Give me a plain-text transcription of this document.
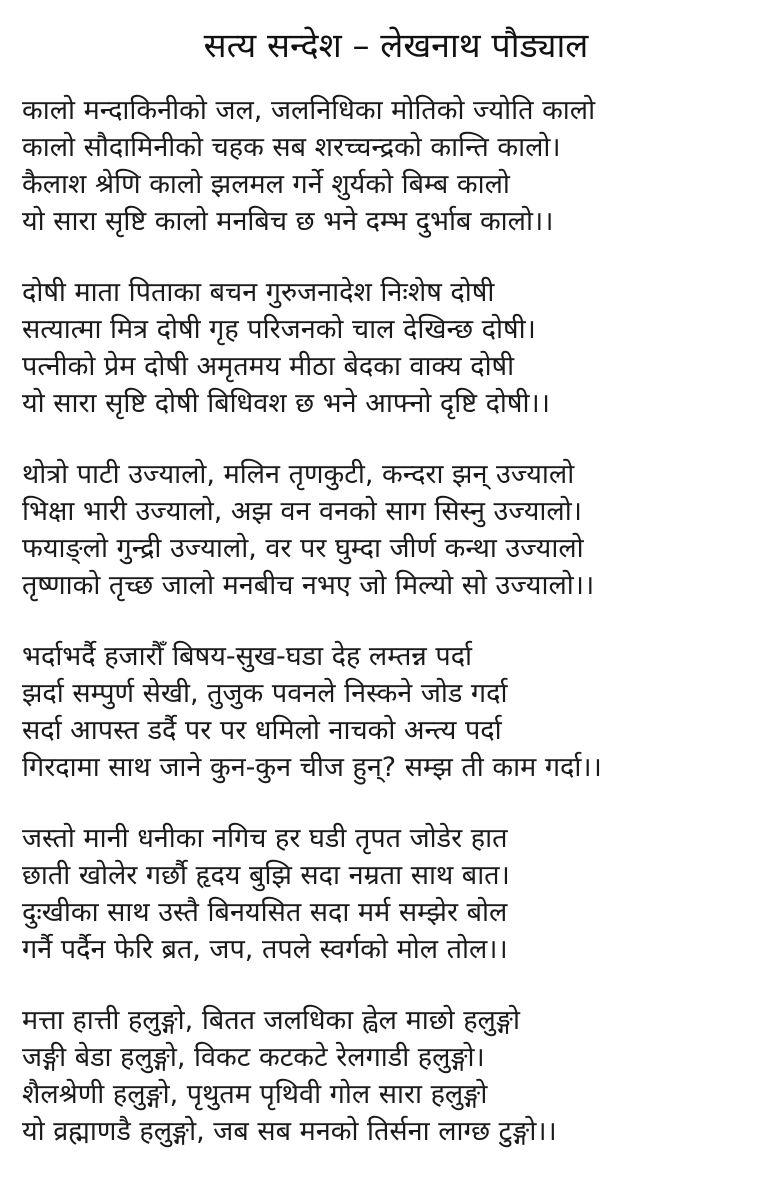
सत्य सन्देश – लेखनाथ पौड्याल
कालो मन्दाकिनीको जल, जलनिधिका मोतिको ज्योति कालो
कालो सौदामिनीको चहक सब शरच्चन्द्रको कान्ति कालो।
कैलाश श्रेणि कालो झलमल गर्ने शुर्यको बिम्ब कालो
यो सारा सृष्टि कालो मनबिच छ भने दम्भ दुर्भाब कालो।।
दोषी माता पिताका बचन गुरुजनादेश निःशेष दोषी
सत्यात्मा मित्र दोषी गृह परिजनको चाल देखिन्छ दोषी।
पत्नीको प्रेम दोषी अमृतमय मीठा बेदका वाक्य दोषी
यो सारा सृष्टि दोषी बिधिवश छ भने आफ्नो दृष्टि दोषी।।
थोत्रो पाटी उज्यालो, मलिन तृणकुटी, कन्दरा झन् उज्यालो
भिक्षा भारी उज्यालो, अझ वन वनको साग सिस्नु उज्यालो।
फयाङ्लो गुन्द्री उज्यालो, वर पर घुम्दा जीर्ण कन्था उज्यालो
तृष्णाको तृच्छ जालो मनबीच नभए जो मिल्यो सो उज्यालो।।
भर्दाभर्दै हजारौँ बिषय-सुख-घडा देह लम्तन्न पर्दा
झर्दा सम्पुर्ण सेखी, तुजुक पवनले निस्कने जोड गर्दा
सर्दा आपस्त डर्दै पर पर धमिलो नाचको अन्त्य पर्दा
गिरदामा साथ जाने कुन-कुन चीज हुन्? सम्झ ती काम गर्दा।।
जस्तो मानी धनीका नगिच हर घडी तृपत जोडेर हात
छाती खोलेर गर्छौ हृदय बुझि सदा नम्रता साथ बात।
दुःखीका साथ उस्तै बिनयसित सदा मर्म सम्झेर बोल
गर्नै पर्दैन फेरि ब्रत, जप, तपले स्वर्गको मोल तोल।।
मत्ता हात्ती हलुङ्गो, बितत जलधिका ह्वेल माछो हलुङ्गो
जङ्गी बेडा हलुङ्गो, विकट कटकटे रेलगाडी हलुङ्गो।
शैलश्रेणी हलुङ्गो, पृथुतम पृथिवी गोल सारा हलुङ्गो
यो व्रह्माणडै हलुङ्गो, जब सब मनको तिर्सना लाग्छ टुङ्गो।।
